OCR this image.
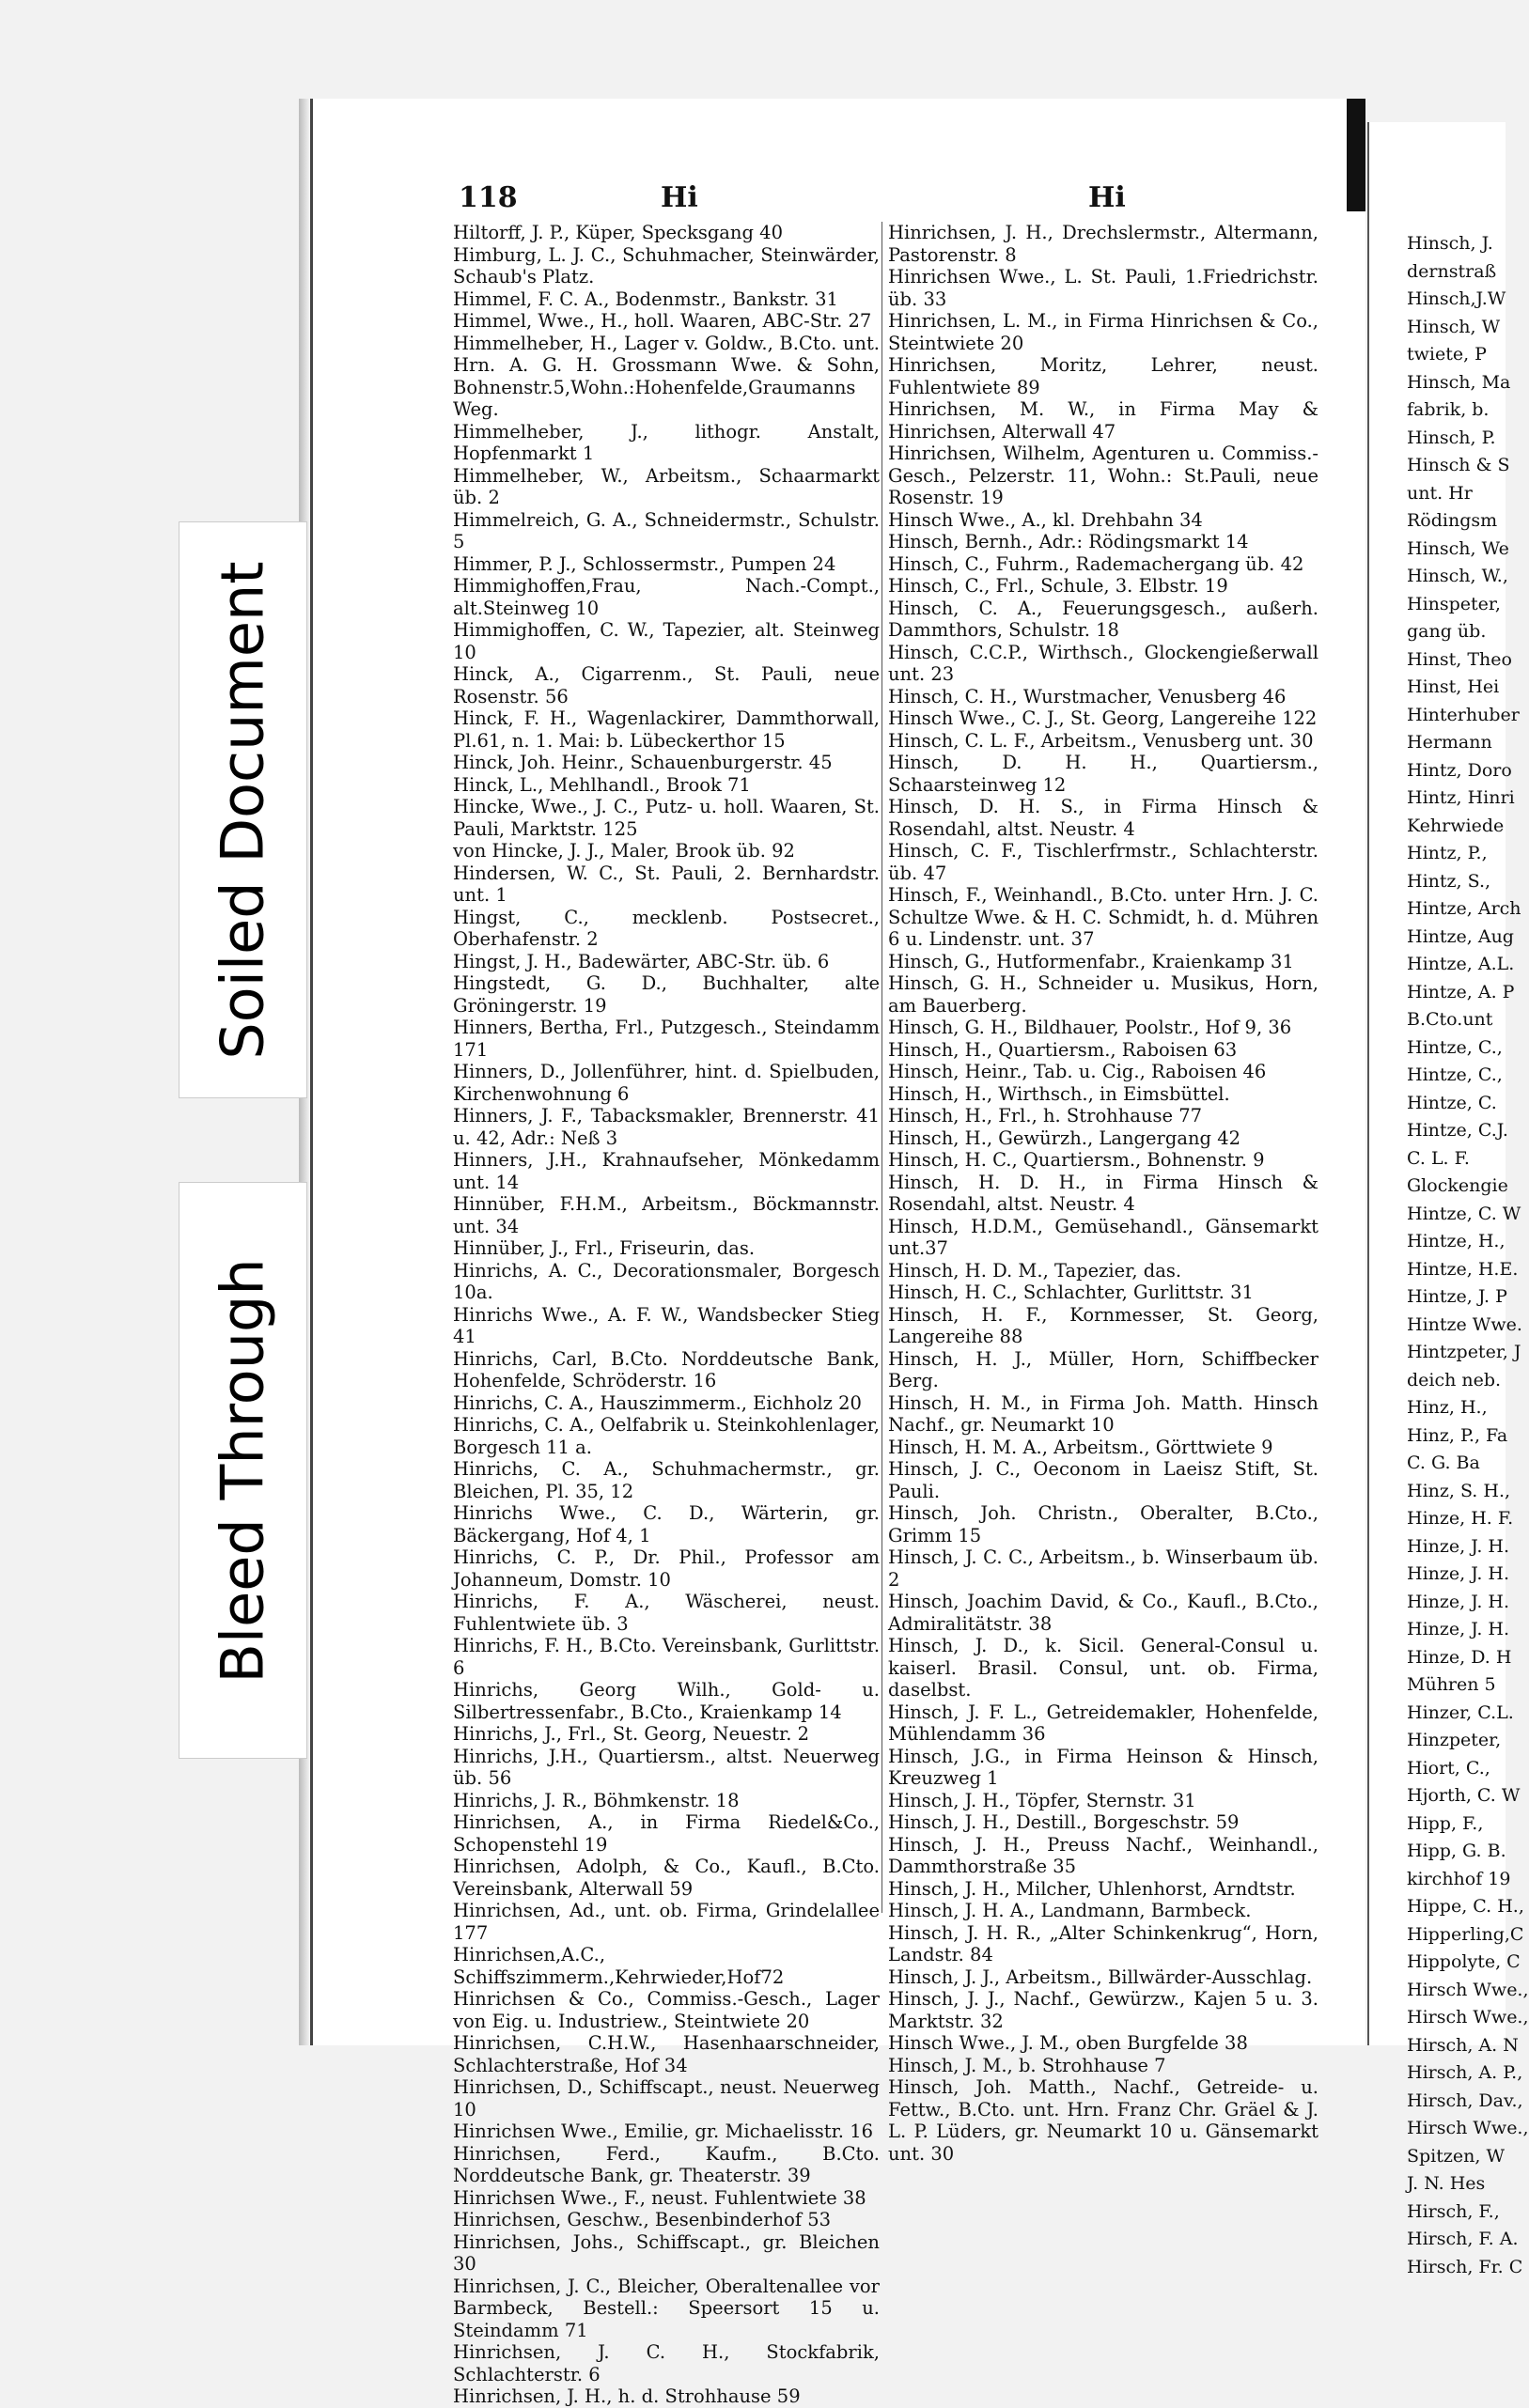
Hinsch, J.
dernstraß
Hinsch,J.W
Hinsch, W
twiete, P
Hinsch, Ma
fabrik, b.
Hinsch, P.
Hinsch & S
unt. Hr
Rödingsm
Hinsch, We
Hinsch, W.,
Hinspeter,
gang üb.
Hinst, Theo
Hinst, Hei
Hinterhuber
Hermann
Hintz, Doro
Hintz, Hinri
Kehrwiede
Hintz, P.,
Hintz, S.,
Hintze, Arch
Hintze, Aug
Hintze, A.L.
Hintze, A. P
B.Cto.unt
Hintze, C.,
Hintze, C.,
Hintze, C.
Hintze, C.J.
C. L. F.
Glockengie
Hintze, C. W
Hintze, H.,
Hintze, H.E.
Hintze, J. P
Hintze Wwe.
Hintzpeter, J
deich neb.
Hinz, H.,
Hinz, P., Fa
C. G. Ba
Hinz, S. H.,
Hinze, H. F.
Hinze, J. H.
Hinze, J. H.
Hinze, J. H.
Hinze, J. H.
Hinze, D. H
Mühren 5
Hinzer, C.L.
Hinzpeter,
Hiort, C.,
Hjorth, C. W
Hipp, F.,
Hipp, G. B.
kirchhof 19
Hippe, C. H.,
Hipperling,C
Hippolyte, C
Hirsch Wwe.,
Hirsch Wwe.,
Hirsch, A. N
Hirsch, A. P.,
Hirsch, Dav.,
Hirsch Wwe.,
Spitzen, W
J. N. Hes
Hirsch, F.,
Hirsch, F. A.
Hirsch, Fr. C
118	Hi	Hi

Hiltorff, J. P., Küper, Specksgang 40

Himburg, L. J. C., Schuhmacher, Steinwärder, Schaub's Platz.

Himmel, F. C. A., Bodenmstr., Bankstr. 31

Himmel, Wwe., H., holl. Waaren, ABC-Str. 27

Himmelheber, H., Lager v. Goldw., B.Cto. unt. Hrn. A. G. H. Grossmann Wwe. & Sohn, Bohnenstr.5,Wohn.:Hohenfelde,Graumanns Weg.

Himmelheber, J., lithogr. Anstalt, Hopfenmarkt 1

Himmelheber, W., Arbeitsm., Schaarmarkt üb. 2

Himmelreich, G. A., Schneidermstr., Schulstr. 5

Himmer, P. J., Schlossermstr., Pumpen 24

Himmighoffen,Frau, Nach.-Compt., alt.Steinweg 10

Himmighoffen, C. W., Tapezier, alt. Steinweg 10

Hinck, A., Cigarrenm., St. Pauli, neue Rosenstr. 56

Hinck, F. H., Wagenlackirer, Dammthorwall, Pl.61, n. 1. Mai: b. Lübeckerthor 15

Hinck, Joh. Heinr., Schauenburgerstr. 45

Hinck, L., Mehlhandl., Brook 71

Hincke, Wwe., J. C., Putz- u. holl. Waaren, St. Pauli, Marktstr. 125

von Hincke, J. J., Maler, Brook üb. 92

Hindersen, W. C., St. Pauli, 2. Bernhardstr. unt. 1

Hingst, C., mecklenb. Postsecret., Oberhafenstr. 2

Hingst, J. H., Badewärter, ABC-Str. üb. 6

Hingstedt, G. D., Buchhalter, alte Gröningerstr. 19

Hinners, Bertha, Frl., Putzgesch., Steindamm 171

Hinners, D., Jollenführer, hint. d. Spielbuden, Kirchenwohnung 6

Hinners, J. F., Tabacksmakler, Brennerstr. 41 u. 42, Adr.: Neß 3

Hinners, J.H., Krahnaufseher, Mönkedamm unt. 14

Hinnüber, F.H.M., Arbeitsm., Böckmannstr. unt. 34

Hinnüber, J., Frl., Friseurin, das.

Hinrichs, A. C., Decorationsmaler, Borgesch 10a.

Hinrichs Wwe., A. F. W., Wandsbecker Stieg 41

Hinrichs, Carl, B.Cto. Norddeutsche Bank, Hohenfelde, Schröderstr. 16

Hinrichs, C. A., Hauszimmerm., Eichholz 20

Hinrichs, C. A., Oelfabrik u. Steinkohlenlager, Borgesch 11 a.

Hinrichs, C. A., Schuhmachermstr., gr. Bleichen, Pl. 35, 12

Hinrichs Wwe., C. D., Wärterin, gr. Bäckergang, Hof 4, 1

Hinrichs, C. P., Dr. Phil., Professor am Johanneum, Domstr. 10

Hinrichs, F. A., Wäscherei, neust. Fuhlentwiete üb. 3

Hinrichs, F. H., B.Cto. Vereinsbank, Gurlittstr. 6

Hinrichs, Georg Wilh., Gold- u. Silbertressenfabr., B.Cto., Kraienkamp 14

Hinrichs, J., Frl., St. Georg, Neuestr. 2

Hinrichs, J.H., Quartiersm., altst. Neuerweg üb. 56

Hinrichs, J. R., Böhmkenstr. 18

Hinrichsen, A., in Firma Riedel&Co., Schopenstehl 19

Hinrichsen, Adolph, & Co., Kaufl., B.Cto. Vereinsbank, Alterwall 59

Hinrichsen, Ad., unt. ob. Firma, Grindelallee 177

Hinrichsen,A.C., Schiffszimmerm.,Kehrwieder,Hof72

Hinrichsen & Co., Commiss.-Gesch., Lager von Eig. u. Industriew., Steintwiete 20

Hinrichsen, C.H.W., Hasenhaarschneider, Schlachterstraße, Hof 34

Hinrichsen, D., Schiffscapt., neust. Neuerweg 10

Hinrichsen Wwe., Emilie, gr. Michaelisstr. 16

Hinrichsen, Ferd., Kaufm., B.Cto. Norddeutsche Bank, gr. Theaterstr. 39

Hinrichsen Wwe., F., neust. Fuhlentwiete 38

Hinrichsen, Geschw., Besenbinderhof 53

Hinrichsen, Johs., Schiffscapt., gr. Bleichen 30

Hinrichsen, J. C., Bleicher, Oberaltenallee vor Barmbeck, Bestell.: Speersort 15 u. Steindamm 71

Hinrichsen, J. C. H., Stockfabrik, Schlachterstr. 6

Hinrichsen, J. H., h. d. Strohhause 59

Hinrichsen, J. H., Drechslermstr., Altermann, Pastorenstr. 8

Hinrichsen Wwe., L. St. Pauli, 1.Friedrichstr. üb. 33

Hinrichsen, L. M., in Firma Hinrichsen & Co., Steintwiete 20

Hinrichsen, Moritz, Lehrer, neust. Fuhlentwiete 89

Hinrichsen, M. W., in Firma May & Hinrichsen, Alterwall 47

Hinrichsen, Wilhelm, Agenturen u. Commiss.-Gesch., Pelzerstr. 11, Wohn.: St.Pauli, neue Rosenstr. 19

Hinsch Wwe., A., kl. Drehbahn 34

Hinsch, Bernh., Adr.: Rödingsmarkt 14

Hinsch, C., Fuhrm., Rademachergang üb. 42

Hinsch, C., Frl., Schule, 3. Elbstr. 19

Hinsch, C. A., Feuerungsgesch., außerh. Dammthors, Schulstr. 18

Hinsch, C.C.P., Wirthsch., Glockengießerwall unt. 23

Hinsch, C. H., Wurstmacher, Venusberg 46

Hinsch Wwe., C. J., St. Georg, Langereihe 122

Hinsch, C. L. F., Arbeitsm., Venusberg unt. 30

Hinsch, D. H. H., Quartiersm., Schaarsteinweg 12

Hinsch, D. H. S., in Firma Hinsch & Rosendahl, altst. Neustr. 4

Hinsch, C. F., Tischlerfrmstr., Schlachterstr. üb. 47

Hinsch, F., Weinhandl., B.Cto. unter Hrn. J. C. Schultze Wwe. & H. C. Schmidt, h. d. Mühren 6 u. Lindenstr. unt. 37

Hinsch, G., Hutformenfabr., Kraienkamp 31

Hinsch, G. H., Schneider u. Musikus, Horn, am Bauerberg.

Hinsch, G. H., Bildhauer, Poolstr., Hof 9, 36

Hinsch, H., Quartiersm., Raboisen 63

Hinsch, Heinr., Tab. u. Cig., Raboisen 46

Hinsch, H., Wirthsch., in Eimsbüttel.

Hinsch, H., Frl., h. Strohhause 77

Hinsch, H., Gewürzh., Langergang 42

Hinsch, H. C., Quartiersm., Bohnenstr. 9

Hinsch, H. D. H., in Firma Hinsch & Rosendahl, altst. Neustr. 4

Hinsch, H.D.M., Gemüsehandl., Gänsemarkt unt.37

Hinsch, H. D. M., Tapezier, das.

Hinsch, H. C., Schlachter, Gurlittstr. 31

Hinsch, H. F., Kornmesser, St. Georg, Langereihe 88

Hinsch, H. J., Müller, Horn, Schiffbecker Berg.

Hinsch, H. M., in Firma Joh. Matth. Hinsch Nachf., gr. Neumarkt 10

Hinsch, H. M. A., Arbeitsm., Görttwiete 9

Hinsch, J. C., Oeconom in Laeisz Stift, St. Pauli.

Hinsch, Joh. Christn., Oberalter, B.Cto., Grimm 15

Hinsch, J. C. C., Arbeitsm., b. Winserbaum üb. 2

Hinsch, Joachim David, & Co., Kaufl., B.Cto., Admiralitätstr. 38

Hinsch, J. D., k. Sicil. General-Consul u. kaiserl. Brasil. Consul, unt. ob. Firma, daselbst.

Hinsch, J. F. L., Getreidemakler, Hohenfelde, Mühlendamm 36

Hinsch, J.G., in Firma Heinson & Hinsch, Kreuzweg 1

Hinsch, J. H., Töpfer, Sternstr. 31

Hinsch, J. H., Destill., Borgeschstr. 59

Hinsch, J. H., Preuss Nachf., Weinhandl., Dammthorstraße 35

Hinsch, J. H., Milcher, Uhlenhorst, Arndtstr.

Hinsch, J. H. A., Landmann, Barmbeck.

Hinsch, J. H. R., „Alter Schinkenkrug“, Horn, Landstr. 84

Hinsch, J. J., Arbeitsm., Billwärder-Ausschlag.

Hinsch, J. J., Nachf., Gewürzw., Kajen 5 u. 3. Marktstr. 32

Hinsch Wwe., J. M., oben Burgfelde 38

Hinsch, J. M., b. Strohhause 7

Hinsch, Joh. Matth., Nachf., Getreide- u. Fettw., B.Cto. unt. Hrn. Franz Chr. Gräel & J. L. P. Lüders, gr. Neumarkt 10 u. Gänsemarkt unt. 30

Soiled Document
Bleed Through
